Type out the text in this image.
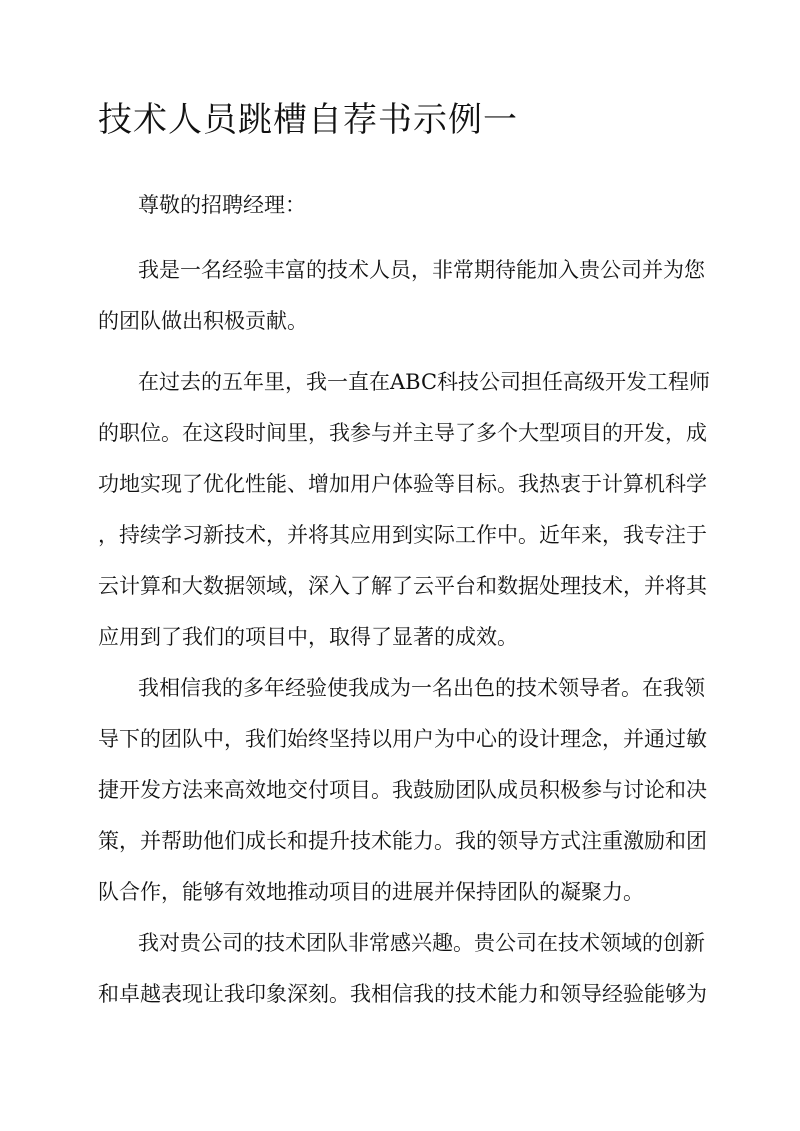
技术人员跳槽自荐书示例一

尊敬的招聘经理：

我是一名经验丰富的技术人员，非常期待能加入贵公司并为您
的团队做出积极贡献。

在过去的五年里，我一直在ABC科技公司担任高级开发工程师
的职位。在这段时间里，我参与并主导了多个大型项目的开发，成
功地实现了优化性能、增加用户体验等目标。我热衷于计算机科学
，持续学习新技术，并将其应用到实际工作中。近年来，我专注于
云计算和大数据领域，深入了解了云平台和数据处理技术，并将其
应用到了我们的项目中，取得了显著的成效。

我相信我的多年经验使我成为一名出色的技术领导者。在我领
导下的团队中，我们始终坚持以用户为中心的设计理念，并通过敏
捷开发方法来高效地交付项目。我鼓励团队成员积极参与讨论和决
策，并帮助他们成长和提升技术能力。我的领导方式注重激励和团
队合作，能够有效地推动项目的进展并保持团队的凝聚力。

我对贵公司的技术团队非常感兴趣。贵公司在技术领域的创新
和卓越表现让我印象深刻。我相信我的技术能力和领导经验能够为
